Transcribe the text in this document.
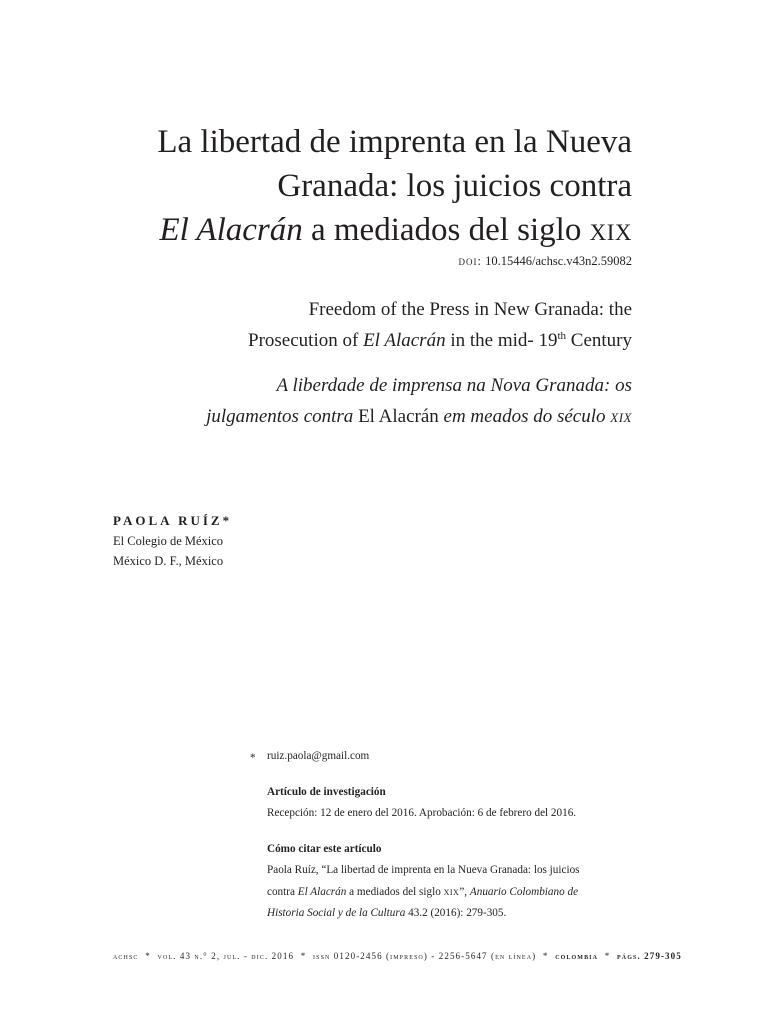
La libertad de imprenta en la Nueva
Granada: los juicios contra
El Alacrán a mediados del siglo xix
doi: 10.15446/achsc.v43n2.59082
Freedom of the Press in New Granada: the
Prosecution of El Alacrán in the mid- 19th Century
A liberdade de imprensa na Nova Granada: os
julgamentos contra El Alacrán em meados do século xix
PAOLA RUÍZ*
El Colegio de México
México D. F., México
* ruiz.paola@gmail.com
Artículo de investigación
Recepción: 12 de enero del 2016. Aprobación: 6 de febrero del 2016.
Cómo citar este artículo
Paola Ruíz, “La libertad de imprenta en la Nueva Granada: los juicios
contra El Alacrán a mediados del siglo xix”, Anuario Colombiano de
Historia Social y de la Cultura 43.2 (2016): 279-305.
achsc  *  vol. 43 n.° 2, jul. - dic. 2016  *  issn 0120-2456 (impreso) - 2256-5647 (en línea)  *  colombia  *  págs. 279-305
